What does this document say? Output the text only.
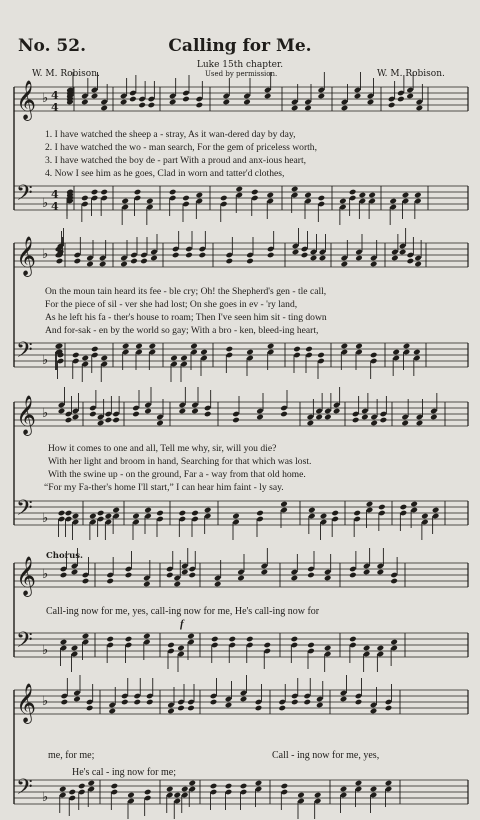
No. 52.	Calling for Me.
Luke 15th chapter.
W. M. Robison.	Used by permission.	W. M. Robison.
𝄞 ♭ 4
4
𝄢 ♭
4
4
𝄞 ♭
𝄢 ♭
𝄞 ♭
𝄢 ♭
𝄞 ♭
𝄢 ♭
𝄞 ♭
𝄢 ♭
1. I have watched the sheep a - stray, As it wan-dered day by day,
2. I have watched the wo - man search, For the gem of priceless worth,
3. I have watched the boy de - part With a proud and anx-ious heart,
4. Now I see him as he goes, Clad in worn and tatter'd clothes,
On the moun tain heard its fee - ble cry; Oh! the Shepherd's gen - tle call,
For the piece of sil - ver she had lost; On she goes in ev - 'ry land,
As he left his fa - ther's house to roam; Then I've seen him sit - ting down
And for-sak - en by the world so gay; With a bro - ken, bleed-ing heart,
How it comes to one and all, Tell me why, sir, will you die?
With her light and broom in hand, Searching for that which was lost.
With the swine up - on the ground, Far a - way from that old home.
“For my Fa-ther's home I'll start,” I can hear him faint - ly say.
Chorus.
Call-ing now for me, yes, call-ing now for me, He's call-ing now for
f
me, for me;	Call - ing now for me, yes,
He's cal - ing now for me;
